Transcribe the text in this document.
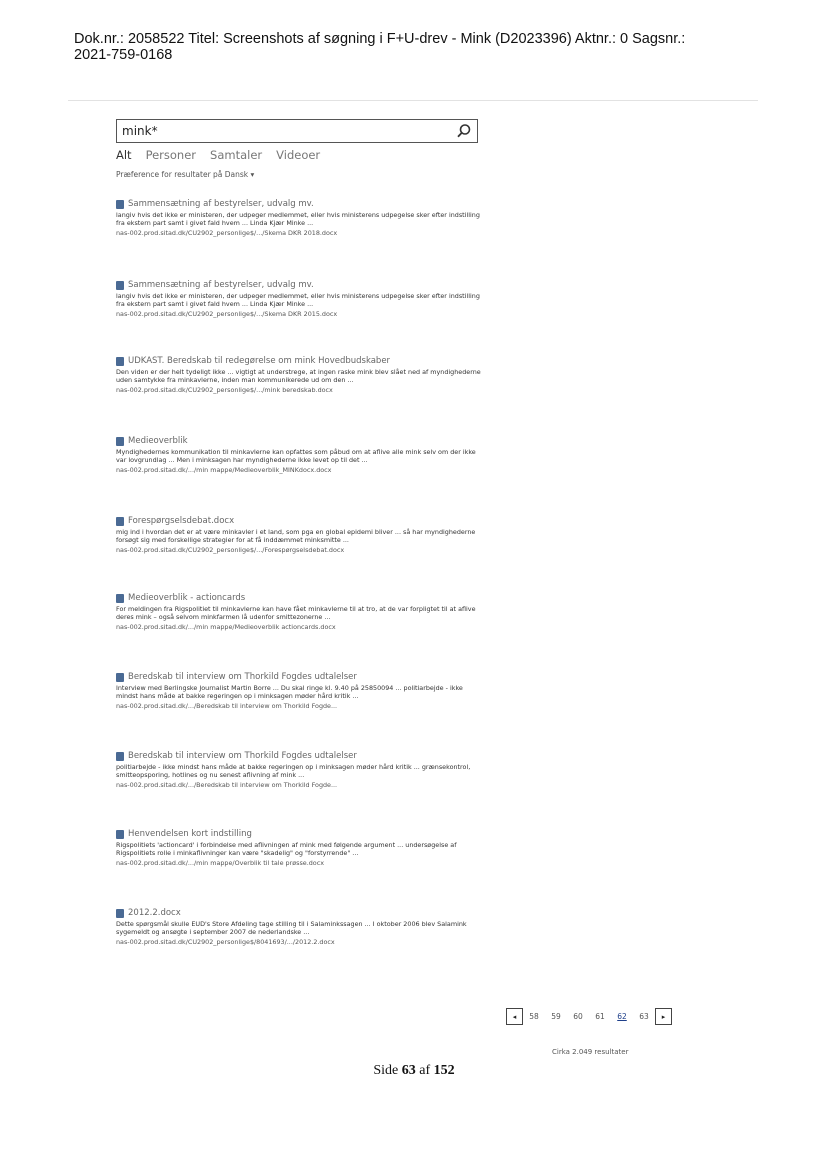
Dok.nr.: 2058522 Titel: Screenshots af søgning i F+U-drev - Mink (D2023396) Aktnr.: 0 Sagsnr.:
2021-759-0168
mink*
Alt Personer Samtaler Videoer
Præference for resultater på Dansk ▾
Sammensætning af bestyrelser, udvalg mv.
langiv hvis det ikke er ministeren, der udpeger medlemmet, eller hvis ministerens udpegelse sker efter indstilling fra ekstern part samt i givet fald hvem ... Linda Kjær Minke ...
nas-002.prod.sitad.dk/CU2902_personlige$/.../Skema DKR 2018.docx
Sammensætning af bestyrelser, udvalg mv.
langiv hvis det ikke er ministeren, der udpeger medlemmet, eller hvis ministerens udpegelse sker efter indstilling fra ekstern part samt i givet fald hvem ... Linda Kjær Minke ...
nas-002.prod.sitad.dk/CU2902_personlige$/.../Skema DKR 2015.docx
UDKAST. Beredskab til redegørelse om mink Hovedbudskaber
Den viden er der helt tydeligt ikke ... vigtigt at understrege, at ingen raske mink blev slået ned af myndighederne uden samtykke fra minkavlerne, inden man kommunikerede ud om den ...
nas-002.prod.sitad.dk/CU2902_personlige$/.../mink beredskab.docx
Medieoverblik
Myndighedernes kommunikation til minkavlerne kan opfattes som påbud om at aflive alle mink selv om der ikke var lovgrundlag ... Men i minksagen har myndighederne ikke levet op til det ...
nas-002.prod.sitad.dk/.../min mappe/Medieoverblik_MINKdocx.docx
Forespørgselsdebat.docx
mig ind i hvordan det er at være minkavler i et land, som pga en global epidemi bliver ... så har myndighederne forsøgt sig med forskellige strategier for at få inddæmmet minksmitte ...
nas-002.prod.sitad.dk/CU2902_personlige$/.../Forespørgselsdebat.docx
Medieoverblik - actioncards
For meldingen fra Rigspolitiet til minkavlerne kan have fået minkavlerne til at tro, at de var forpligtet til at aflive deres mink – også selvom minkfarmen lå udenfor smittezonerne ...
nas-002.prod.sitad.dk/.../min mappe/Medieoverblik actioncards.docx
Beredskab til interview om Thorkild Fogdes udtalelser
Interview med Berlingske Journalist Martin Borre ... Du skal ringe kl. 9.40 på 25850094 ... politiarbejde - ikke mindst hans måde at bakke regeringen op i minksagen møder hård kritik ...
nas-002.prod.sitad.dk/.../Beredskab til interview om Thorkild Fogde...
Beredskab til interview om Thorkild Fogdes udtalelser
politiarbejde - ikke mindst hans måde at bakke regeringen op i minksagen møder hård kritik ... grænsekontrol, smitteopsporing, hotlines og nu senest aflivning af mink ...
nas-002.prod.sitad.dk/.../Beredskab til interview om Thorkild Fogde...
Henvendelsen kort indstilling
Rigspolitiets 'actioncard' i forbindelse med aflivningen af mink med følgende argument ... undersøgelse af Rigspolitiets rolle i minkaflivninger kan være "skadelig" og "forstyrrende" ...
nas-002.prod.sitad.dk/.../min mappe/Overblik til tale prøsse.docx
2012.2.docx
Dette spørgsmål skulle EUD's Store Afdeling tage stilling til i Salaminkssagen ... I oktober 2006 blev Salamink sygemeldt og ansøgte i september 2007 de nederlandske ...
nas-002.prod.sitad.dk/CU2902_personlige$/8041693/.../2012.2.docx
◂	58	59	60	61	62	63	▸
Cirka 2.049 resultater
Side 63 af 152
